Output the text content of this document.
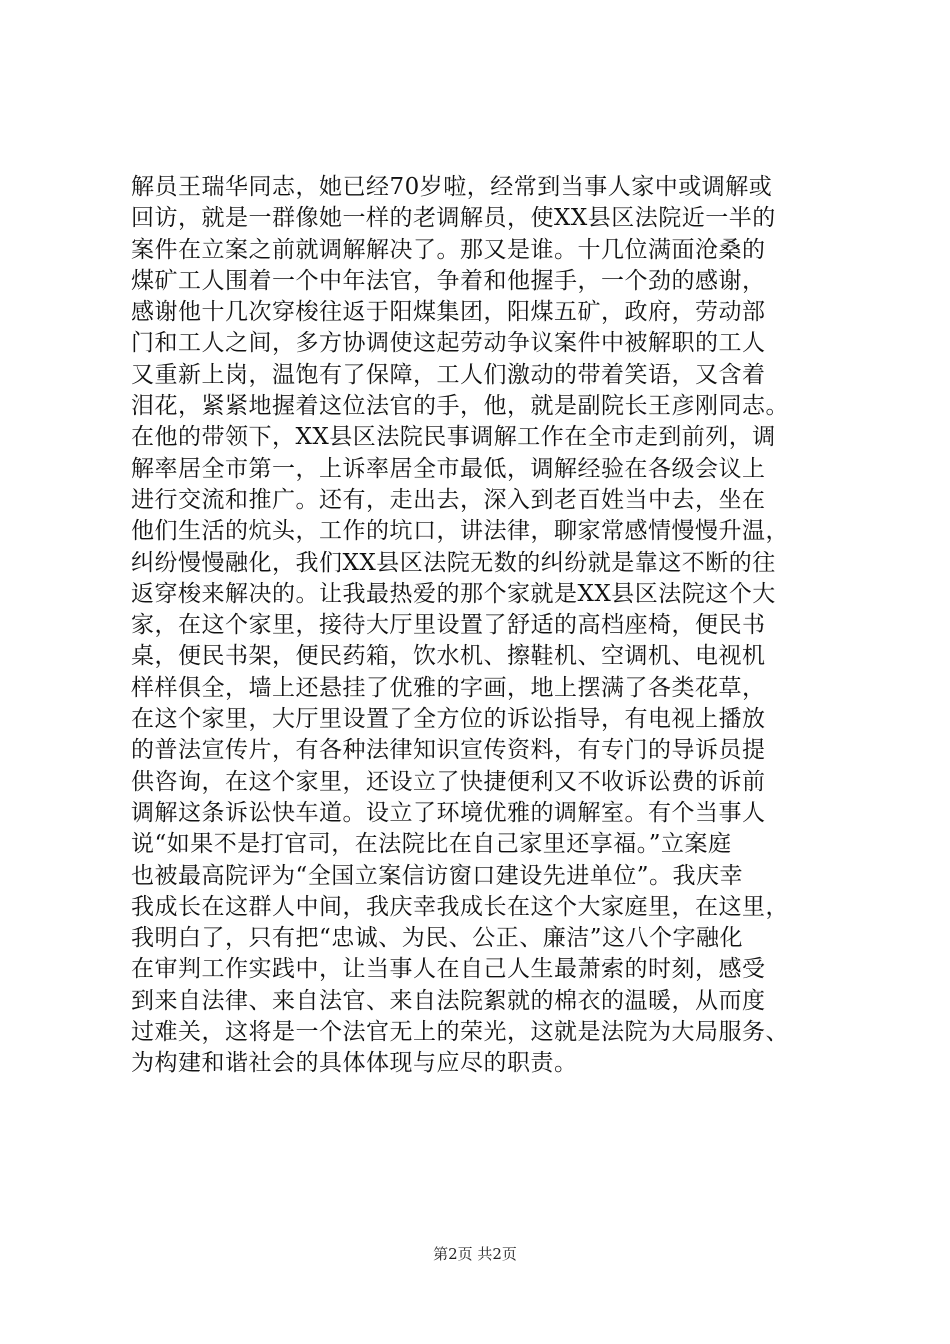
解员王瑞华同志，她已经70岁啦，经常到当事人家中或调解或
回访，就是一群像她一样的老调解员，使XX县区法院近一半的
案件在立案之前就调解解决了。那又是谁。十几位满面沧桑的
煤矿工人围着一个中年法官，争着和他握手，一个劲的感谢，
感谢他十几次穿梭往返于阳煤集团，阳煤五矿，政府，劳动部
门和工人之间，多方协调使这起劳动争议案件中被解职的工人
又重新上岗，温饱有了保障，工人们激动的带着笑语，又含着
泪花，紧紧地握着这位法官的手，他，就是副院长王彦刚同志。
在他的带领下，XX县区法院民事调解工作在全市走到前列，调
解率居全市第一，上诉率居全市最低，调解经验在各级会议上
进行交流和推广。还有，走出去，深入到老百姓当中去，坐在
他们生活的炕头，工作的坑口，讲法律，聊家常感情慢慢升温，
纠纷慢慢融化，我们XX县区法院无数的纠纷就是靠这不断的往
返穿梭来解决的。让我最热爱的那个家就是XX县区法院这个大
家，在这个家里，接待大厅里设置了舒适的高档座椅，便民书
桌，便民书架，便民药箱，饮水机、擦鞋机、空调机、电视机
样样俱全，墙上还悬挂了优雅的字画，地上摆满了各类花草，
在这个家里，大厅里设置了全方位的诉讼指导，有电视上播放
的普法宣传片，有各种法律知识宣传资料，有专门的导诉员提
供咨询，在这个家里，还设立了快捷便利又不收诉讼费的诉前
调解这条诉讼快车道。设立了环境优雅的调解室。有个当事人
说“如果不是打官司，在法院比在自己家里还享福。”立案庭
也被最高院评为“全国立案信访窗口建设先进单位”。我庆幸
我成长在这群人中间，我庆幸我成长在这个大家庭里，在这里，
我明白了，只有把“忠诚、为民、公正、廉洁”这八个字融化
在审判工作实践中，让当事人在自己人生最萧索的时刻，感受
到来自法律、来自法官、来自法院絮就的棉衣的温暖，从而度
过难关，这将是一个法官无上的荣光，这就是法院为大局服务、
为构建和谐社会的具体体现与应尽的职责。
第2页 共2页
